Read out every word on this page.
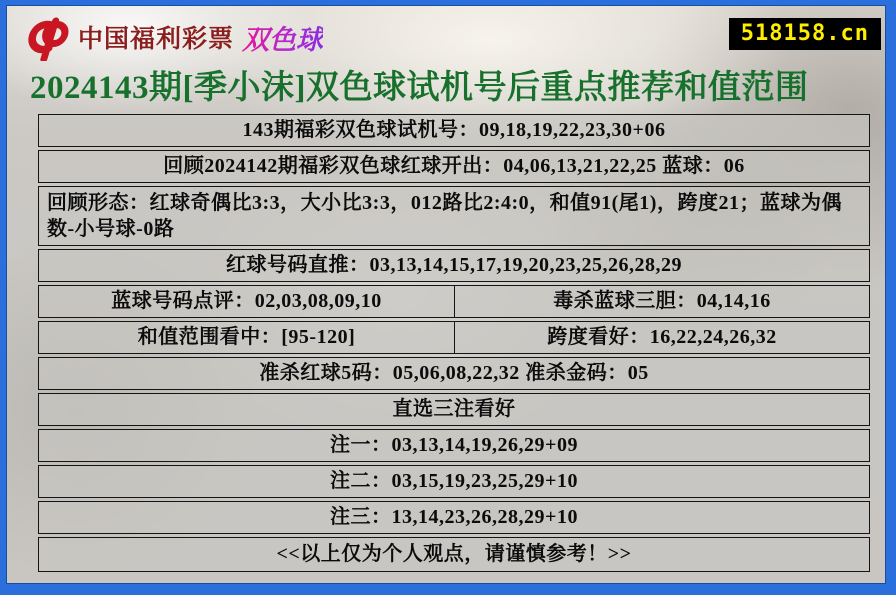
中国福利彩票 双色球	518158.cn
2024143期[季小沫]双色球试机号后重点推荐和值范围
143期福彩双色球试机号：09,18,19,22,23,30+06
回顾2024142期福彩双色球红球开出：04,06,13,21,22,25 蓝球：06
回顾形态：红球奇偶比3:3，大小比3:3，012路比2:4:0，和值91(尾1)，跨度21；蓝球为偶数-小号球-0路
红球号码直推：03,13,14,15,17,19,20,23,25,26,28,29
蓝球号码点评：02,03,08,09,10	毒杀蓝球三胆：04,14,16
和值范围看中：[95-120]	跨度看好：16,22,24,26,32
准杀红球5码：05,06,08,22,32 准杀金码：05
直选三注看好
注一：03,13,14,19,26,29+09
注二：03,15,19,23,25,29+10
注三：13,14,23,26,28,29+10
<<以上仅为个人观点，请谨慎参考！>>
